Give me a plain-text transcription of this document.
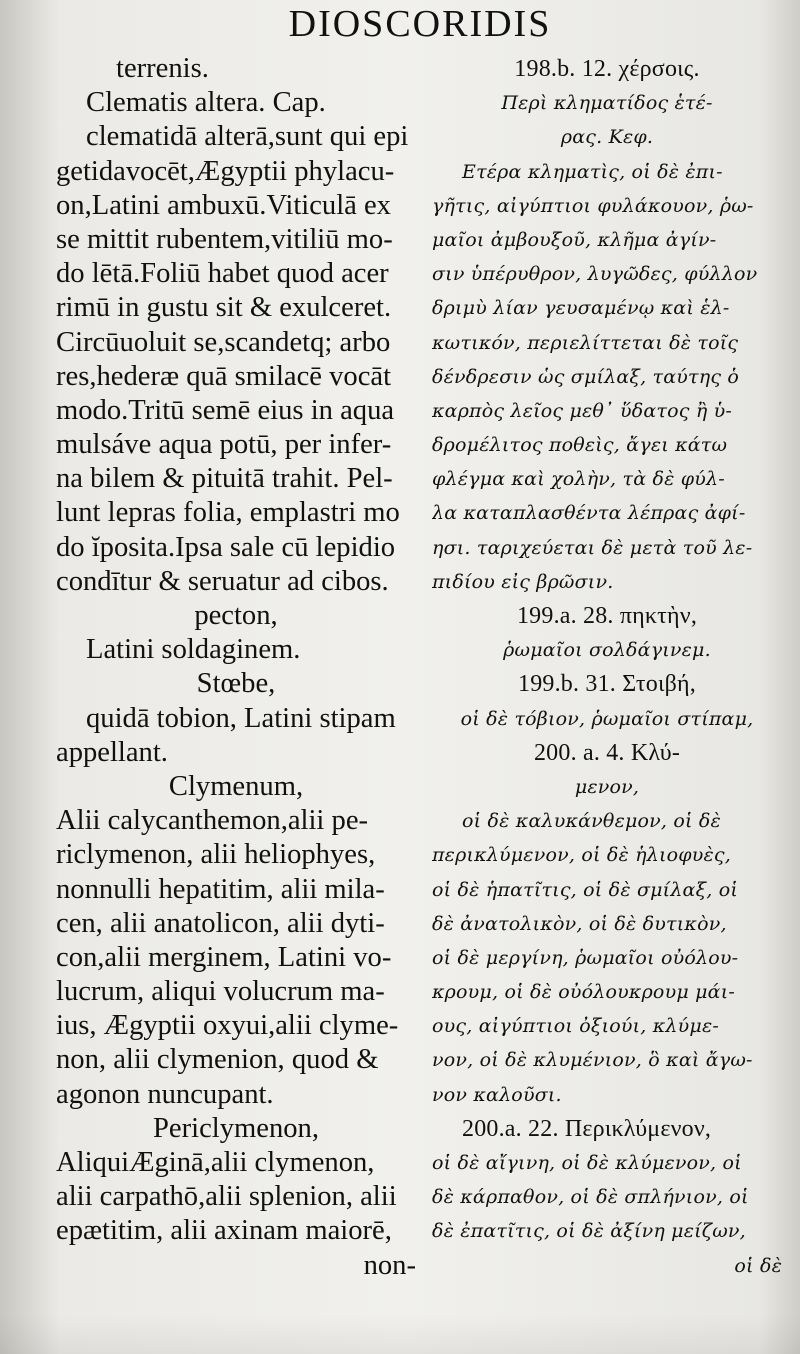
DIOSCORIDIS
terrenis.
Clematis altera. Cap.
clematidā alterā,sunt qui epi
getidavocēt,Ægyptii phylacu-
on,Latini ambuxū.Viticulā ex
se mittit rubentem,vitiliū mo-
do lētā.Foliū habet quod acer
rimū in gustu sit & exulceret.
Circūuoluit se,scandetq; arbo
res,hederæ quā smilacē vocāt
modo.Tritū semē eius in aqua
mulsáve aqua potū, per infer-
na bilem & pituitā trahit. Pel-
lunt lepras folia, emplastri mo
do ĭposita.Ipsa sale cū lepidio
condītur & seruatur ad cibos.
pecton,
Latini soldaginem.
Stœbe,
quidā tobion, Latini stipam
appellant.
Clymenum,
Alii calycanthemon,alii pe-
riclymenon, alii heliophyes,
nonnulli hepatitim, alii mila-
cen, alii anatolicon, alii dyti-
con,alii merginem, Latini vo-
lucrum, aliqui volucrum ma-
ius, Ægyptii oxyui,alii clyme-
non, alii clymenion, quod &
agonon nuncupant.
Periclymenon,
AliquiÆginā,alii clymenon,
alii carpathō,alii splenion, alii
epætitim, alii axinam maiorē,
non-
198.b. 12. χέρσοις.
Περὶ κληματίδος ἑτέ-
ρας. Κεφ.
Ετέρα κληματὶς, οἱ δὲ ἐπι-
γῆτις, αἰγύπτιοι φυλάκουον, ῥω-
μαῖοι ἀμβουξοῦ, κλῆμα ἀγίν-
σιν ὑπέρυθρον, λυγῶδες, φύλλον
δριμὺ λίαν γευσαμένῳ καὶ ἑλ-
κωτικόν, περιελίττεται δὲ τοῖς
δένδρεσιν ὡς σμίλαξ, ταύτης ὁ
καρπὸς λεῖος μεθ᾽ ὕδατος ἢ ὑ-
δρομέλιτος ποθεὶς, ἄγει κάτω
φλέγμα καὶ χολὴν, τὰ δὲ φύλ-
λα καταπλασθέντα λέπρας ἀφί-
ησι. ταριχεύεται δὲ μετὰ τοῦ λε-
πιδίου εἰς βρῶσιν.
199.a. 28. πηκτὴν,
ῥωμαῖοι σολδάγινεμ.
199.b. 31. Στοιβή,
οἱ δὲ τόβιον, ῥωμαῖοι στίπαμ,
200. a. 4. Κλύ-
μενον,
οἱ δὲ καλυκάνθεμον, οἱ δὲ
περικλύμενον, οἱ δὲ ἡλιοφυὲς,
οἱ δὲ ἡπατῖτις, οἱ δὲ σμίλαξ, οἱ
δὲ ἀνατολικὸν, οἱ δὲ δυτικὸν,
οἱ δὲ μεργίνη, ῥωμαῖοι οὐόλου-
κρουμ, οἱ δὲ οὐόλουκρουμ μάι-
ους, αἰγύπτιοι ὀξιούι, κλύμε-
νον, οἱ δὲ κλυμένιον, ὃ καὶ ἄγω-
νον καλοῦσι.
200.a. 22. Περικλύμενον,
οἱ δὲ αἴγινη, οἱ δὲ κλύμενον, οἱ
δὲ κάρπαθον, οἱ δὲ σπλήνιον, οἱ
δὲ ἐπατῖτις, οἱ δὲ ἀξίνη μείζων,
οἱ δὲ
